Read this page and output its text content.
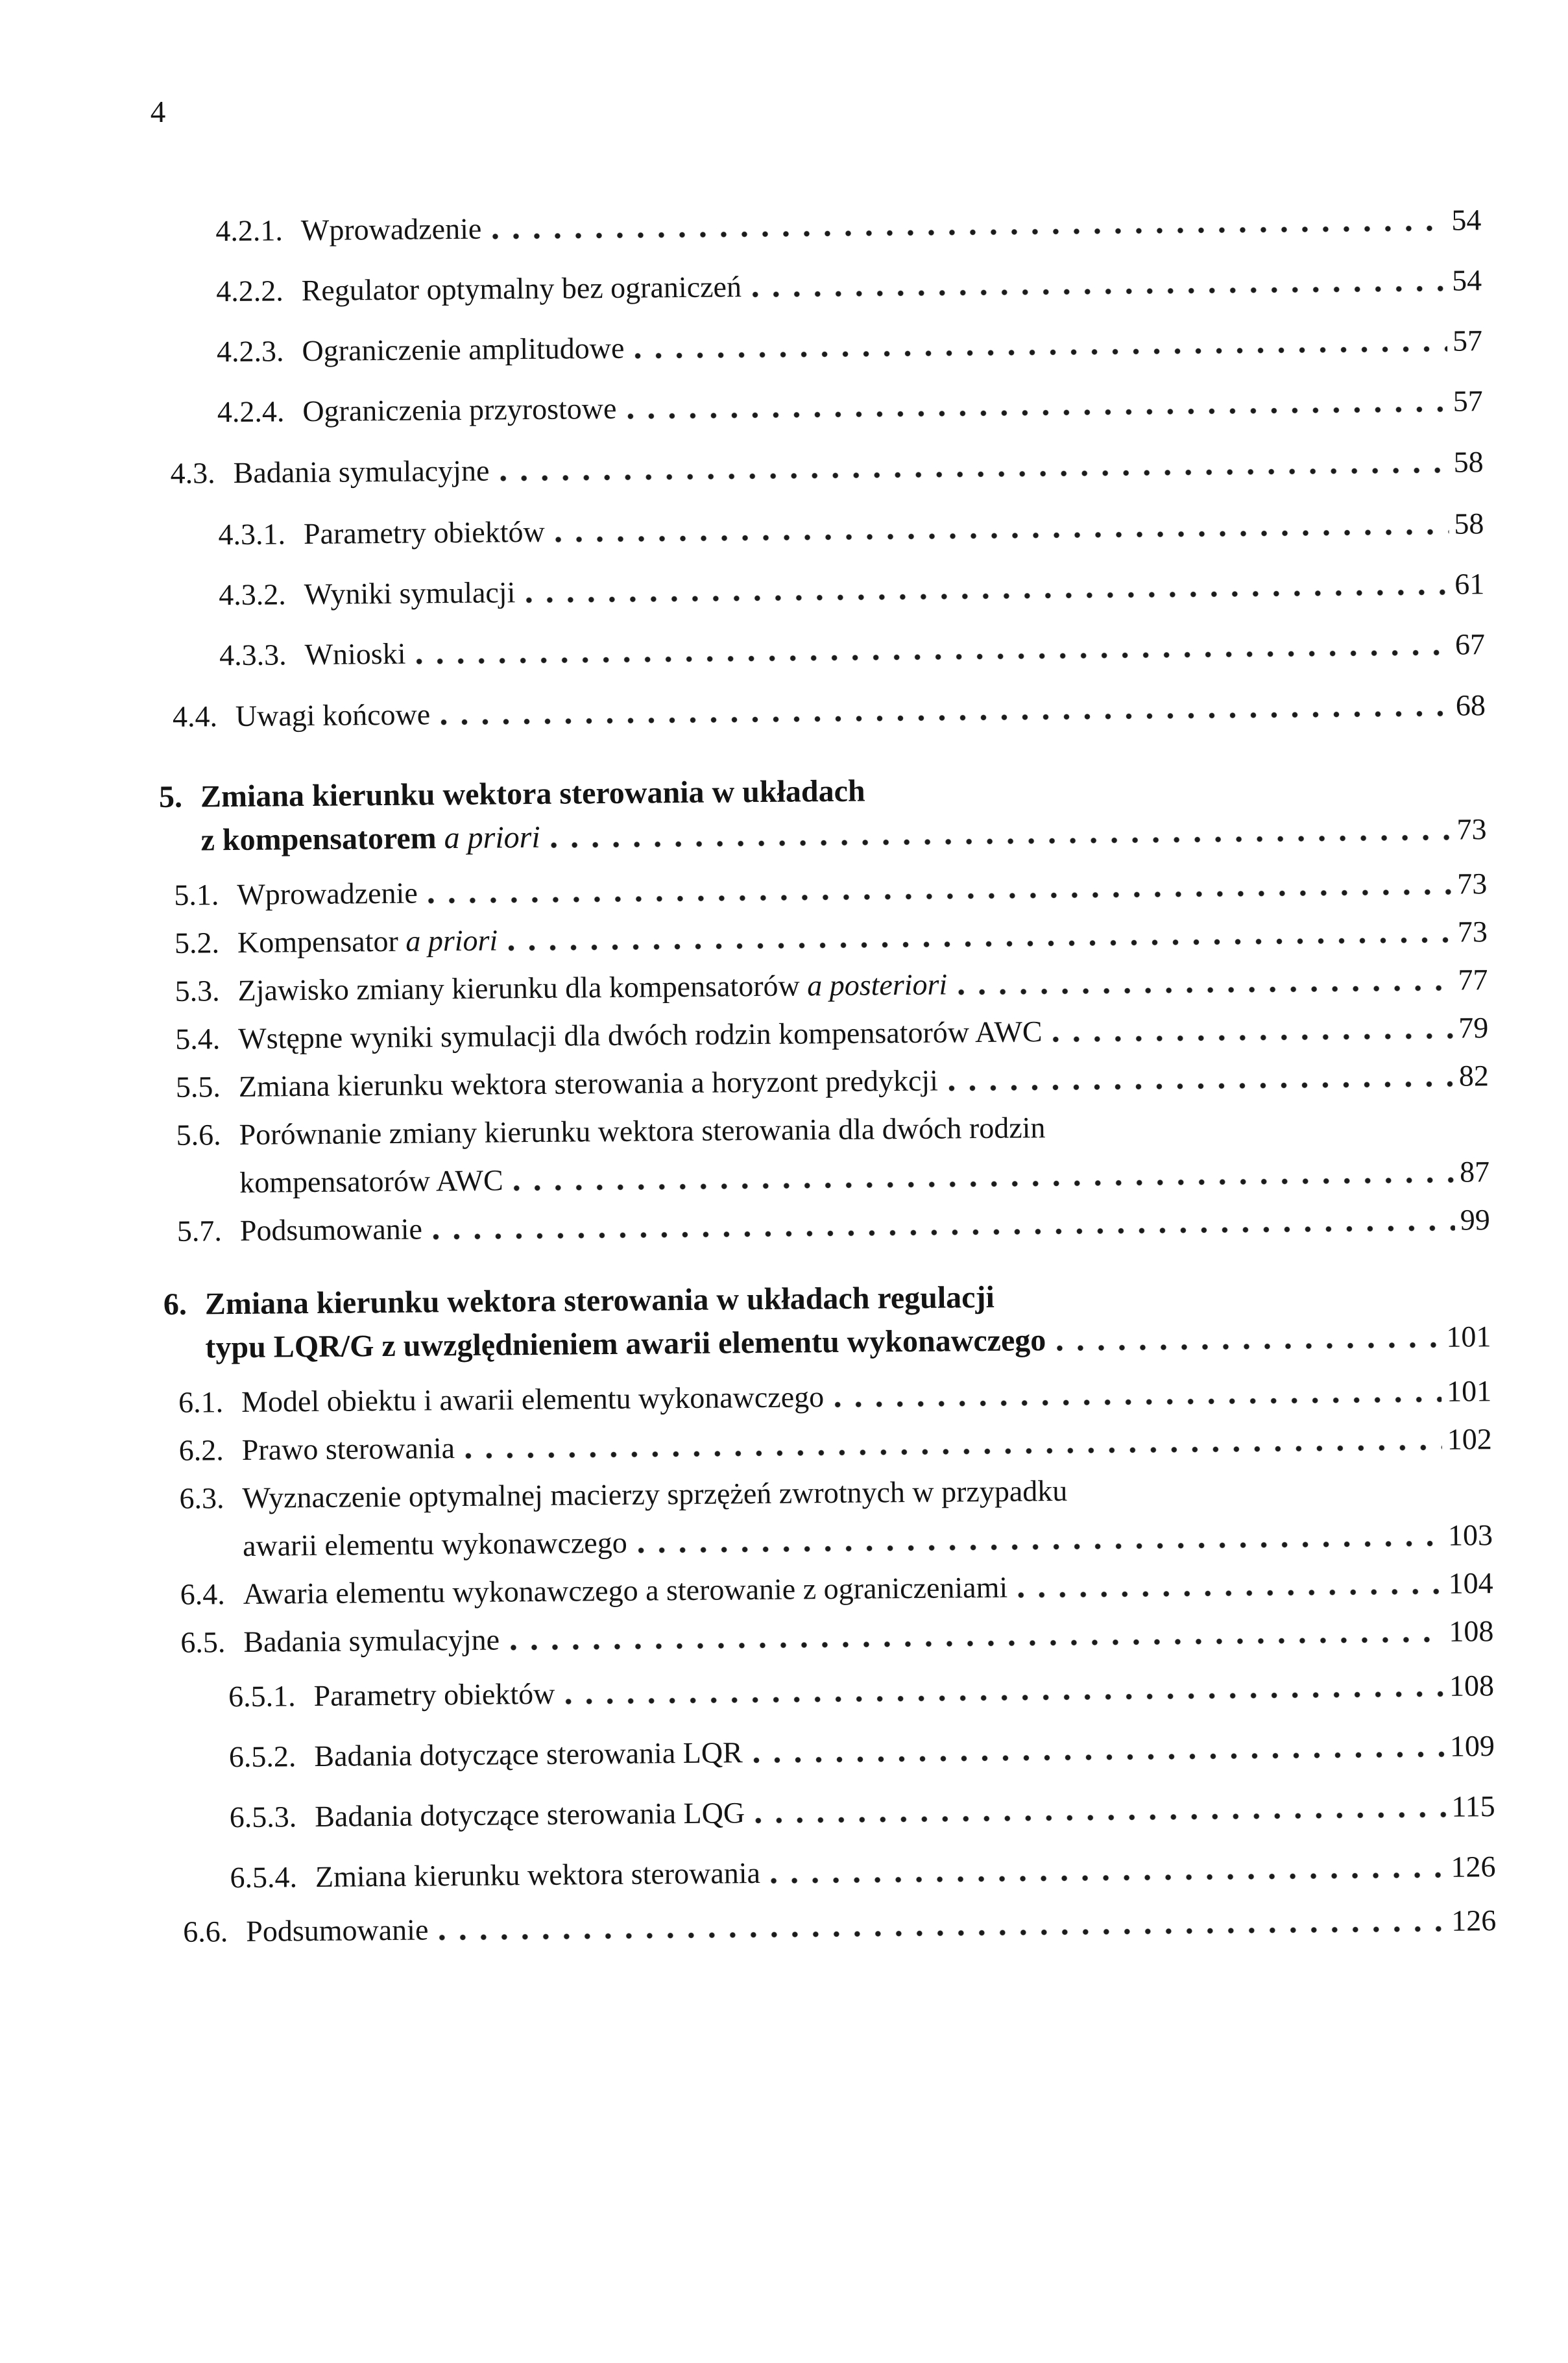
4
4.2.1. Wprowadzenie	54
4.2.2. Regulator optymalny bez ograniczeń	54
4.2.3. Ograniczenie amplitudowe	57
4.2.4. Ograniczenia przyrostowe	57
4.3. Badania symulacyjne	58
4.3.1. Parametry obiektów	58
4.3.2. Wyniki symulacji	61
4.3.3. Wnioski	67
4.4. Uwagi końcowe	68
5. Zmiana kierunku wektora sterowania w układach
z kompensatorem a priori	73
5.1. Wprowadzenie	73
5.2. Kompensator a priori	73
5.3. Zjawisko zmiany kierunku dla kompensatorów a posteriori	77
5.4. Wstępne wyniki symulacji dla dwóch rodzin kompensatorów AWC	79
5.5. Zmiana kierunku wektora sterowania a horyzont predykcji	82
5.6. Porównanie zmiany kierunku wektora sterowania dla dwóch rodzin
kompensatorów AWC	87
5.7. Podsumowanie	99
6. Zmiana kierunku wektora sterowania w układach regulacji
typu LQR/G z uwzględnieniem awarii elementu wykonawczego	101
6.1. Model obiektu i awarii elementu wykonawczego	101
6.2. Prawo sterowania	102
6.3. Wyznaczenie optymalnej macierzy sprzężeń zwrotnych w przypadku
awarii elementu wykonawczego	103
6.4. Awaria elementu wykonawczego a sterowanie z ograniczeniami	104
6.5. Badania symulacyjne	108
6.5.1. Parametry obiektów	108
6.5.2. Badania dotyczące sterowania LQR	109
6.5.3. Badania dotyczące sterowania LQG	115
6.5.4. Zmiana kierunku wektora sterowania	126
6.6. Podsumowanie	126
